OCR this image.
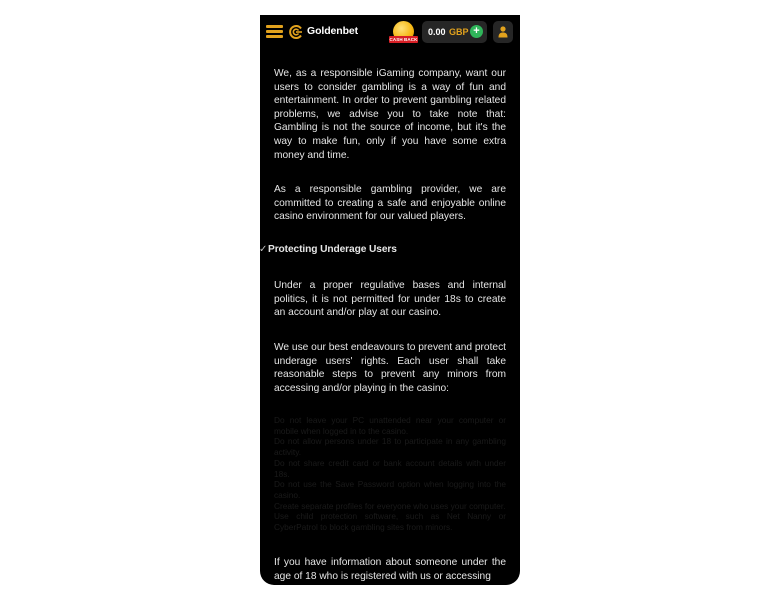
Goldenbet
CASH BACK
0.00 GBP +

We, as a responsible iGaming company, want our users to consider gambling is a way of fun and entertainment. In order to prevent gambling related problems, we advise you to take note that: Gambling is not the source of income, but it's the way to make fun, only if you have some extra money and time.

As a responsible gambling provider, we are committed to creating a safe and enjoyable online casino environment for our valued players.

✓ Protecting Underage Users

Under a proper regulative bases and internal politics, it is not permitted for under 18s to create an account and/or play at our casino.

We use our best endeavours to prevent and protect underage users' rights. Each user shall take reasonable steps to prevent any minors from accessing and/or playing in the casino:

Do not leave your PC unattended near your computer or mobile when logged in to the casino.
Do not allow persons under 18 to participate in any gambling activity.
Do not share credit card or bank account details with under 18s.
Do not use the Save Password option when logging into the casino.
Create separate profiles for everyone who uses your computer.
Use child protection software, such as Net Nanny or CyberPatrol to block gambling sites from minors.

If you have information about someone under the age of 18 who is registered with us or accessing
